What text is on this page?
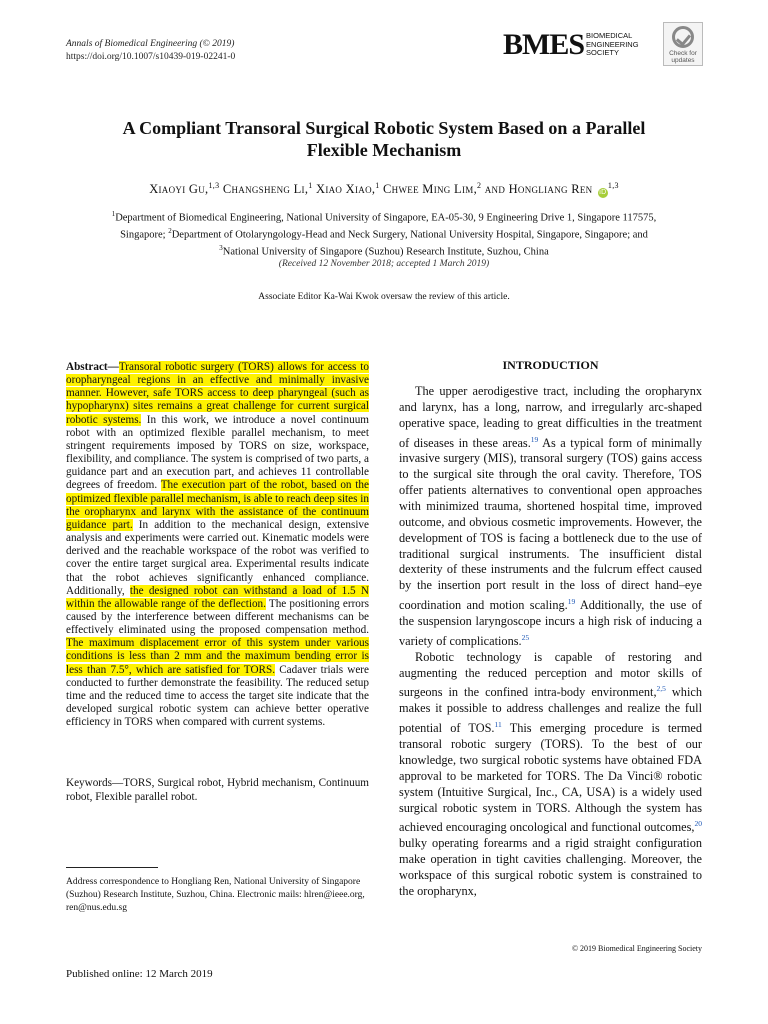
Annals of Biomedical Engineering (© 2019)
https://doi.org/10.1007/s10439-019-02241-0	BMES BIOMEDICAL
ENGINEERING
SOCIETY	Check for
updates
A Compliant Transoral Surgical Robotic System Based on a Parallel
Flexible Mechanism
Xiaoyi Gu,$^{1,3}$ Changsheng Li,$^1$ Xiao Xiao,$^1$ Chwee Ming Lim,$^2$ and Hongliang Ren iD$^{1,3}$
$^1$Department of Biomedical Engineering, National University of Singapore, EA-05-30, 9 Engineering Drive 1, Singapore 117575,
Singapore; $^2$Department of Otolaryngology-Head and Neck Surgery, National University Hospital, Singapore, Singapore; and
$^3$National University of Singapore (Suzhou) Research Institute, Suzhou, China
(Received 12 November 2018; accepted 1 March 2019)
Associate Editor Ka-Wai Kwok oversaw the review of this article.
Abstract—Transoral robotic surgery (TORS) allows for access to oropharyngeal regions in an effective and minimally invasive manner. However, safe TORS access to deep pharyngeal (such as hypopharynx) sites remains a great challenge for current surgical robotic systems. In this work, we introduce a novel continuum robot with an optimized flexible parallel mechanism, to meet stringent requirements imposed by TORS on size, workspace, flexibility, and compliance. The system is comprised of two parts, a guidance part and an execution part, and achieves 11 controllable degrees of freedom. The execution part of the robot, based on the optimized flexible parallel mechanism, is able to reach deep sites in the oropharynx and larynx with the assistance of the continuum guidance part. In addition to the mechanical design, extensive analysis and experiments were carried out. Kinematic models were derived and the reachable workspace of the robot was verified to cover the entire target surgical area. Experimental results indicate that the robot achieves significantly enhanced compliance. Additionally, the designed robot can withstand a load of 1.5 N within the allowable range of the deflection. The positioning errors caused by the interference between different mechanisms can be effectively eliminated using the proposed compensation method. The maximum displacement error of this system under various conditions is less than 2 mm and the maximum bending error is less than 7.5°, which are satisfied for TORS. Cadaver trials were conducted to further demonstrate the feasibility. The reduced setup time and the reduced time to access the target site indicate that the developed surgical robotic system can achieve better operative efficiency in TORS when compared with current systems.
Keywords—TORS, Surgical robot, Hybrid mechanism, Continuum robot, Flexible parallel robot.
Address correspondence to Hongliang Ren, National University of Singapore (Suzhou) Research Institute, Suzhou, China. Electronic mails: hlren@ieee.org, ren@nus.edu.sg
Published online: 12 March 2019
INTRODUCTION

The upper aerodigestive tract, including the oropharynx and larynx, has a long, narrow, and irregularly arc-shaped operative space, leading to great difficulties in the treatment of diseases in these areas.$^{19}$ As a typical form of minimally invasive surgery (MIS), transoral surgery (TOS) gains access to the surgical site through the oral cavity. Therefore, TOS offer patients alternatives to conventional open approaches with minimized trauma, shortened hospital time, improved outcome, and obvious cosmetic improvements. However, the development of TOS is facing a bottleneck due to the use of traditional surgical instruments. The insufficient distal dexterity of these instruments and the fulcrum effect caused by the insertion port result in the loss of direct hand–eye coordination and motion scaling.$^{19}$ Additionally, the use of the suspension laryngoscope incurs a high risk of inducing a variety of complications.$^{25}$

Robotic technology is capable of restoring and augmenting the reduced perception and motor skills of surgeons in the confined intra-body environment,$^{2,5}$ which makes it possible to address challenges and realize the full potential of TOS.$^{11}$ This emerging procedure is termed transoral robotic surgery (TORS). To the best of our knowledge, two surgical robotic systems have obtained FDA approval to be marketed for TORS. The Da Vinci® robotic system (Intuitive Surgical, Inc., CA, USA) is a widely used surgical robotic system in TORS. Although the system has achieved encouraging oncological and functional outcomes,$^{20}$ bulky operating forearms and a rigid straight configuration make operation in tight cavities challenging. Moreover, the workspace of this surgical robotic system is constrained to the oropharynx,

© 2019 Biomedical Engineering Society
